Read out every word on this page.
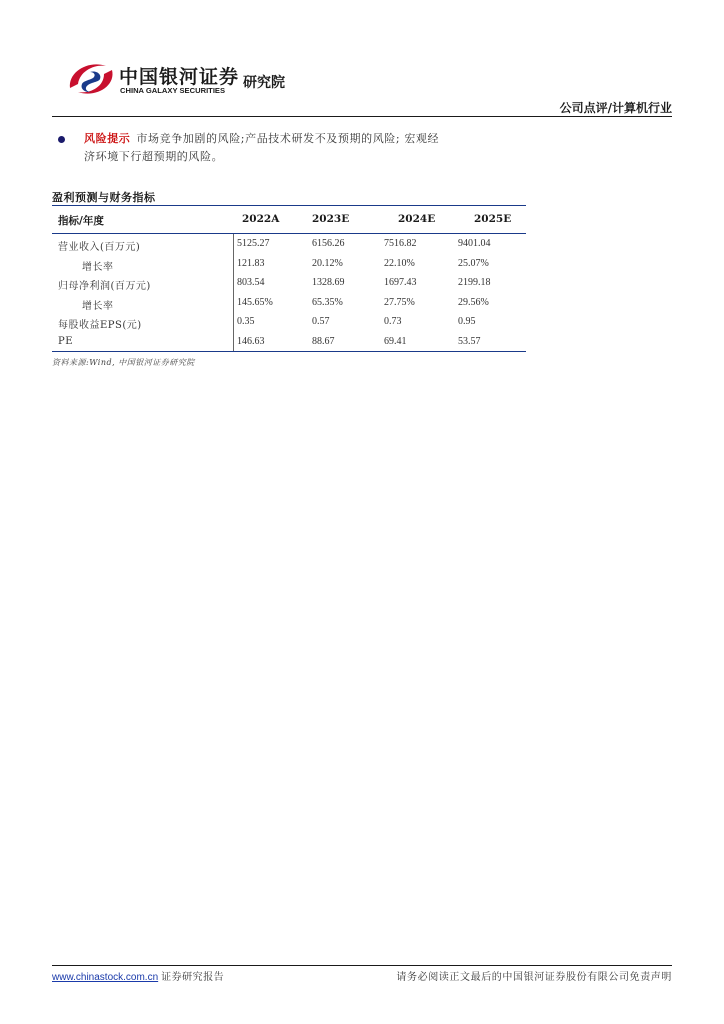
中国银河证券
CHINA GALAXY SECURITIES 研究院
公司点评/计算机行业
风险提示 市场竞争加剧的风险;产品技术研发不及预期的风险; 宏观经济环境下行超预期的风险。
盈利预测与财务指标
指标/年度	2022A	2023E	2024E	2025E
营业收入(百万元)	5125.27	6156.26	7516.82	9401.04
增长率	121.83	20.12%	22.10%	25.07%
归母净利润(百万元)	803.54	1328.69	1697.43	2199.18
增长率	145.65%	65.35%	27.75%	29.56%
每股收益EPS(元)	0.35	0.57	0.73	0.95
PE	146.63	88.67	69.41	53.57
资料来源:Wind, 中国银河证券研究院
www.chinastock.com.cn 证券研究报告	请务必阅读正文最后的中国银河证券股份有限公司免责声明
